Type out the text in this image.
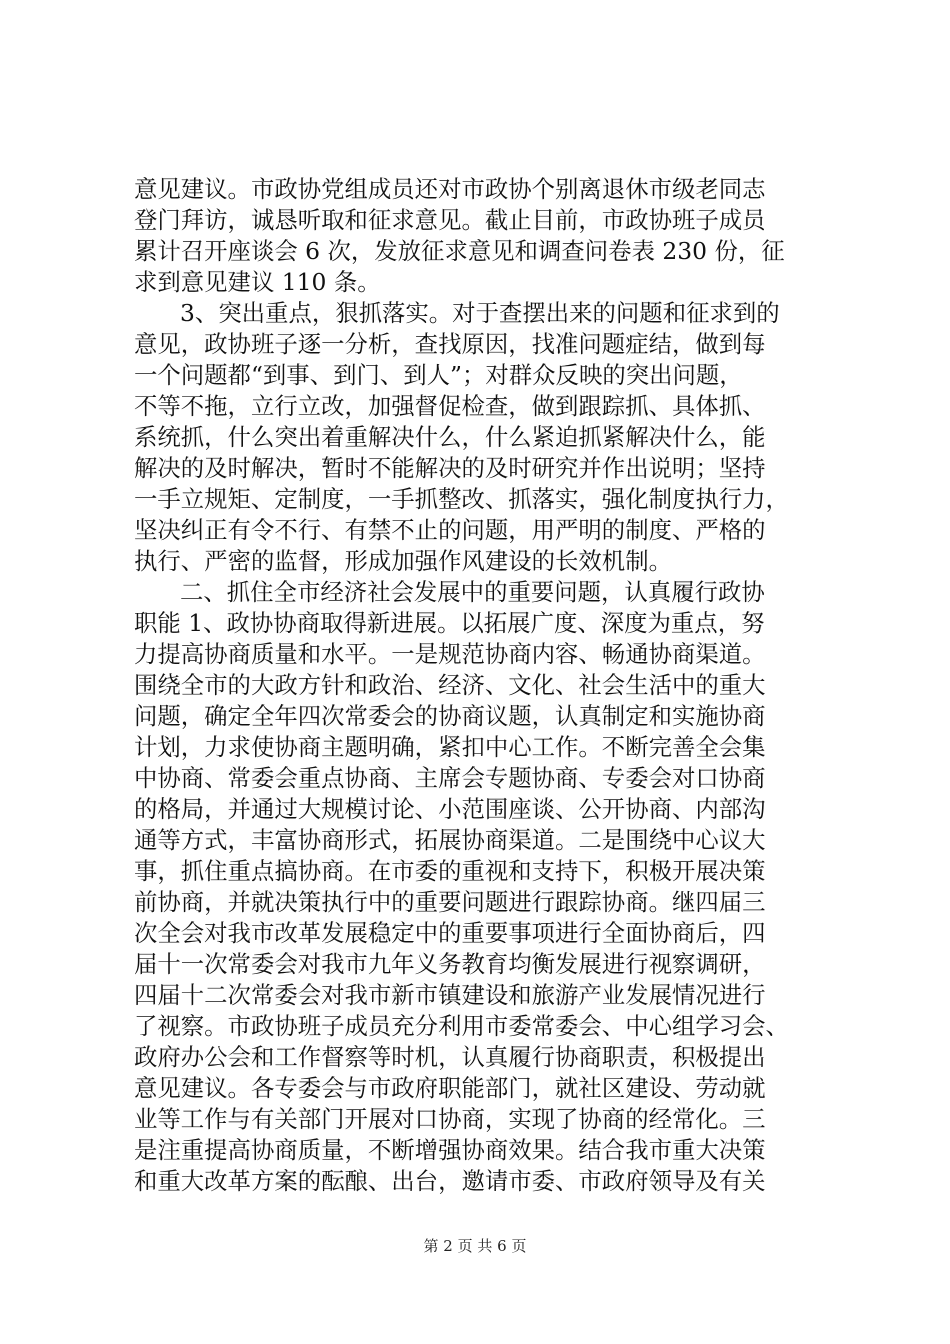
意见建议。市政协党组成员还对市政协个别离退休市级老同志

登门拜访，诚恳听取和征求意见。截止目前，市政协班子成员

累计召开座谈会 6 次，发放征求意见和调查问卷表 230 份，征

求到意见建议 110 条。

3、突出重点，狠抓落实。对于查摆出来的问题和征求到的

意见，政协班子逐一分析，查找原因，找准问题症结，做到每

一个问题都“到事、到门、到人”；对群众反映的突出问题，

不等不拖，立行立改，加强督促检查，做到跟踪抓、具体抓、

系统抓，什么突出着重解决什么，什么紧迫抓紧解决什么，能

解决的及时解决，暂时不能解决的及时研究并作出说明；坚持

一手立规矩、定制度，一手抓整改、抓落实，强化制度执行力，

坚决纠正有令不行、有禁不止的问题，用严明的制度、严格的

执行、严密的监督，形成加强作风建设的长效机制。

二、抓住全市经济社会发展中的重要问题，认真履行政协

职能 1、政协协商取得新进展。以拓展广度、深度为重点，努

力提高协商质量和水平。一是规范协商内容、畅通协商渠道。

围绕全市的大政方针和政治、经济、文化、社会生活中的重大

问题，确定全年四次常委会的协商议题，认真制定和实施协商

计划，力求使协商主题明确，紧扣中心工作。不断完善全会集

中协商、常委会重点协商、主席会专题协商、专委会对口协商

的格局，并通过大规模讨论、小范围座谈、公开协商、内部沟

通等方式，丰富协商形式，拓展协商渠道。二是围绕中心议大

事，抓住重点搞协商。在市委的重视和支持下，积极开展决策

前协商，并就决策执行中的重要问题进行跟踪协商。继四届三

次全会对我市改革发展稳定中的重要事项进行全面协商后，四

届十一次常委会对我市九年义务教育均衡发展进行视察调研，

四届十二次常委会对我市新市镇建设和旅游产业发展情况进行

了视察。市政协班子成员充分利用市委常委会、中心组学习会、

政府办公会和工作督察等时机，认真履行协商职责，积极提出

意见建议。各专委会与市政府职能部门，就社区建设、劳动就

业等工作与有关部门开展对口协商，实现了协商的经常化。三

是注重提高协商质量，不断增强协商效果。结合我市重大决策

和重大改革方案的酝酿、出台，邀请市委、市政府领导及有关

第 2 页 共 6 页
